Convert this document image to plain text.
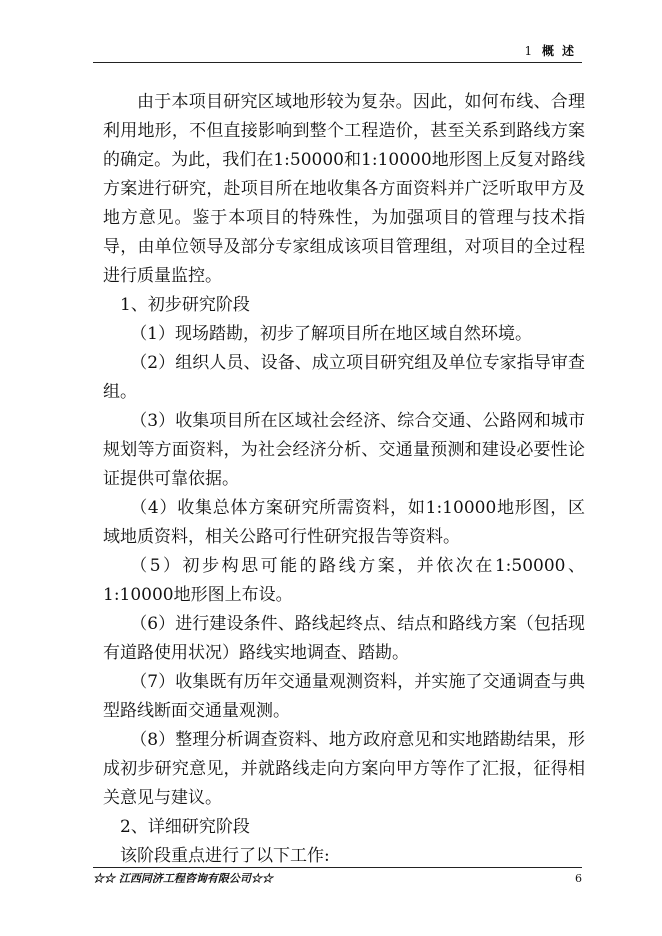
1 概述

由于本项目研究区域地形较为复杂。因此，如何布线、合理利用地形，不但直接影响到整个工程造价，甚至关系到路线方案的确定。为此，我们在1:50000和1:10000地形图上反复对路线方案进行研究，赴项目所在地收集各方面资料并广泛听取甲方及地方意见。鉴于本项目的特殊性，为加强项目的管理与技术指导，由单位领导及部分专家组成该项目管理组，对项目的全过程进行质量监控。

1、初步研究阶段

（1）现场踏勘，初步了解项目所在地区域自然环境。

（2）组织人员、设备、成立项目研究组及单位专家指导审查组。

（3）收集项目所在区域社会经济、综合交通、公路网和城市规划等方面资料，为社会经济分析、交通量预测和建设必要性论证提供可靠依据。

（4）收集总体方案研究所需资料，如1:10000地形图，区域地质资料，相关公路可行性研究报告等资料。

（5）初步构思可能的路线方案，并依次在1:50000、1:10000地形图上布设。

（6）进行建设条件、路线起终点、结点和路线方案（包括现有道路使用状况）路线实地调查、踏勘。

（7）收集既有历年交通量观测资料，并实施了交通调查与典型路线断面交通量观测。

（8）整理分析调查资料、地方政府意见和实地踏勘结果，形成初步研究意见，并就路线走向方案向甲方等作了汇报，征得相关意见与建议。

2、详细研究阶段

该阶段重点进行了以下工作:

☆☆ 江西同济工程咨询有限公司☆☆	6
